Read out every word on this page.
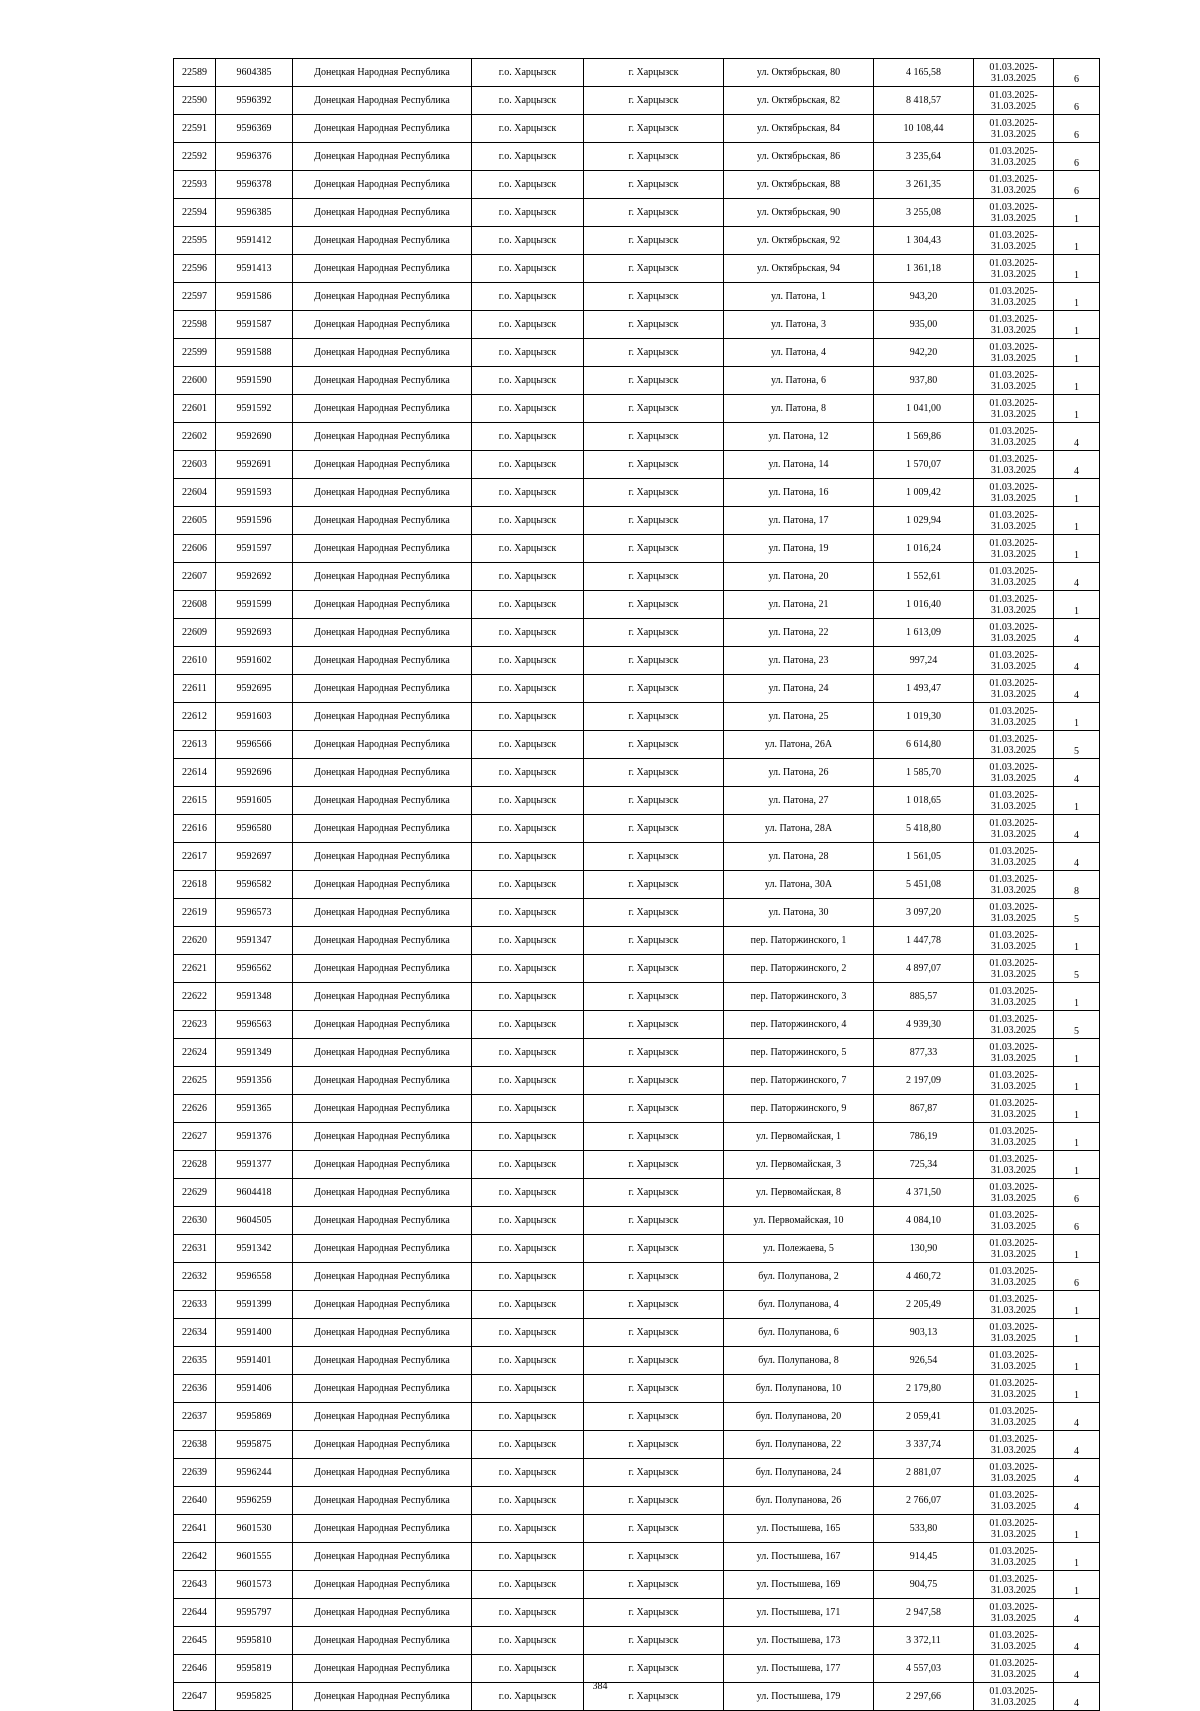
22589	9604385	Донецкая Народная Республика	г.о. Харцызск	г. Харцызск	ул. Октябрьская, 80	4 165,58	01.03.2025-
31.03.2025	6
22590	9596392	Донецкая Народная Республика	г.о. Харцызск	г. Харцызск	ул. Октябрьская, 82	8 418,57	01.03.2025-
31.03.2025	6
22591	9596369	Донецкая Народная Республика	г.о. Харцызск	г. Харцызск	ул. Октябрьская, 84	10 108,44	01.03.2025-
31.03.2025	6
22592	9596376	Донецкая Народная Республика	г.о. Харцызск	г. Харцызск	ул. Октябрьская, 86	3 235,64	01.03.2025-
31.03.2025	6
22593	9596378	Донецкая Народная Республика	г.о. Харцызск	г. Харцызск	ул. Октябрьская, 88	3 261,35	01.03.2025-
31.03.2025	6
22594	9596385	Донецкая Народная Республика	г.о. Харцызск	г. Харцызск	ул. Октябрьская, 90	3 255,08	01.03.2025-
31.03.2025	1
22595	9591412	Донецкая Народная Республика	г.о. Харцызск	г. Харцызск	ул. Октябрьская, 92	1 304,43	01.03.2025-
31.03.2025	1
22596	9591413	Донецкая Народная Республика	г.о. Харцызск	г. Харцызск	ул. Октябрьская, 94	1 361,18	01.03.2025-
31.03.2025	1
22597	9591586	Донецкая Народная Республика	г.о. Харцызск	г. Харцызск	ул. Патона, 1	943,20	01.03.2025-
31.03.2025	1
22598	9591587	Донецкая Народная Республика	г.о. Харцызск	г. Харцызск	ул. Патона, 3	935,00	01.03.2025-
31.03.2025	1
22599	9591588	Донецкая Народная Республика	г.о. Харцызск	г. Харцызск	ул. Патона, 4	942,20	01.03.2025-
31.03.2025	1
22600	9591590	Донецкая Народная Республика	г.о. Харцызск	г. Харцызск	ул. Патона, 6	937,80	01.03.2025-
31.03.2025	1
22601	9591592	Донецкая Народная Республика	г.о. Харцызск	г. Харцызск	ул. Патона, 8	1 041,00	01.03.2025-
31.03.2025	1
22602	9592690	Донецкая Народная Республика	г.о. Харцызск	г. Харцызск	ул. Патона, 12	1 569,86	01.03.2025-
31.03.2025	4
22603	9592691	Донецкая Народная Республика	г.о. Харцызск	г. Харцызск	ул. Патона, 14	1 570,07	01.03.2025-
31.03.2025	4
22604	9591593	Донецкая Народная Республика	г.о. Харцызск	г. Харцызск	ул. Патона, 16	1 009,42	01.03.2025-
31.03.2025	1
22605	9591596	Донецкая Народная Республика	г.о. Харцызск	г. Харцызск	ул. Патона, 17	1 029,94	01.03.2025-
31.03.2025	1
22606	9591597	Донецкая Народная Республика	г.о. Харцызск	г. Харцызск	ул. Патона, 19	1 016,24	01.03.2025-
31.03.2025	1
22607	9592692	Донецкая Народная Республика	г.о. Харцызск	г. Харцызск	ул. Патона, 20	1 552,61	01.03.2025-
31.03.2025	4
22608	9591599	Донецкая Народная Республика	г.о. Харцызск	г. Харцызск	ул. Патона, 21	1 016,40	01.03.2025-
31.03.2025	1
22609	9592693	Донецкая Народная Республика	г.о. Харцызск	г. Харцызск	ул. Патона, 22	1 613,09	01.03.2025-
31.03.2025	4
22610	9591602	Донецкая Народная Республика	г.о. Харцызск	г. Харцызск	ул. Патона, 23	997,24	01.03.2025-
31.03.2025	4
22611	9592695	Донецкая Народная Республика	г.о. Харцызск	г. Харцызск	ул. Патона, 24	1 493,47	01.03.2025-
31.03.2025	4
22612	9591603	Донецкая Народная Республика	г.о. Харцызск	г. Харцызск	ул. Патона, 25	1 019,30	01.03.2025-
31.03.2025	1
22613	9596566	Донецкая Народная Республика	г.о. Харцызск	г. Харцызск	ул. Патона, 26А	6 614,80	01.03.2025-
31.03.2025	5
22614	9592696	Донецкая Народная Республика	г.о. Харцызск	г. Харцызск	ул. Патона, 26	1 585,70	01.03.2025-
31.03.2025	4
22615	9591605	Донецкая Народная Республика	г.о. Харцызск	г. Харцызск	ул. Патона, 27	1 018,65	01.03.2025-
31.03.2025	1
22616	9596580	Донецкая Народная Республика	г.о. Харцызск	г. Харцызск	ул. Патона, 28А	5 418,80	01.03.2025-
31.03.2025	4
22617	9592697	Донецкая Народная Республика	г.о. Харцызск	г. Харцызск	ул. Патона, 28	1 561,05	01.03.2025-
31.03.2025	4
22618	9596582	Донецкая Народная Республика	г.о. Харцызск	г. Харцызск	ул. Патона, 30А	5 451,08	01.03.2025-
31.03.2025	8
22619	9596573	Донецкая Народная Республика	г.о. Харцызск	г. Харцызск	ул. Патона, 30	3 097,20	01.03.2025-
31.03.2025	5
22620	9591347	Донецкая Народная Республика	г.о. Харцызск	г. Харцызск	пер. Паторжинского, 1	1 447,78	01.03.2025-
31.03.2025	1
22621	9596562	Донецкая Народная Республика	г.о. Харцызск	г. Харцызск	пер. Паторжинского, 2	4 897,07	01.03.2025-
31.03.2025	5
22622	9591348	Донецкая Народная Республика	г.о. Харцызск	г. Харцызск	пер. Паторжинского, 3	885,57	01.03.2025-
31.03.2025	1
22623	9596563	Донецкая Народная Республика	г.о. Харцызск	г. Харцызск	пер. Паторжинского, 4	4 939,30	01.03.2025-
31.03.2025	5
22624	9591349	Донецкая Народная Республика	г.о. Харцызск	г. Харцызск	пер. Паторжинского, 5	877,33	01.03.2025-
31.03.2025	1
22625	9591356	Донецкая Народная Республика	г.о. Харцызск	г. Харцызск	пер. Паторжинского, 7	2 197,09	01.03.2025-
31.03.2025	1
22626	9591365	Донецкая Народная Республика	г.о. Харцызск	г. Харцызск	пер. Паторжинского, 9	867,87	01.03.2025-
31.03.2025	1
22627	9591376	Донецкая Народная Республика	г.о. Харцызск	г. Харцызск	ул. Первомайская, 1	786,19	01.03.2025-
31.03.2025	1
22628	9591377	Донецкая Народная Республика	г.о. Харцызск	г. Харцызск	ул. Первомайская, 3	725,34	01.03.2025-
31.03.2025	1
22629	9604418	Донецкая Народная Республика	г.о. Харцызск	г. Харцызск	ул. Первомайская, 8	4 371,50	01.03.2025-
31.03.2025	6
22630	9604505	Донецкая Народная Республика	г.о. Харцызск	г. Харцызск	ул. Первомайская, 10	4 084,10	01.03.2025-
31.03.2025	6
22631	9591342	Донецкая Народная Республика	г.о. Харцызск	г. Харцызск	ул. Полежаева, 5	130,90	01.03.2025-
31.03.2025	1
22632	9596558	Донецкая Народная Республика	г.о. Харцызск	г. Харцызск	бул. Полупанова, 2	4 460,72	01.03.2025-
31.03.2025	6
22633	9591399	Донецкая Народная Республика	г.о. Харцызск	г. Харцызск	бул. Полупанова, 4	2 205,49	01.03.2025-
31.03.2025	1
22634	9591400	Донецкая Народная Республика	г.о. Харцызск	г. Харцызск	бул. Полупанова, 6	903,13	01.03.2025-
31.03.2025	1
22635	9591401	Донецкая Народная Республика	г.о. Харцызск	г. Харцызск	бул. Полупанова, 8	926,54	01.03.2025-
31.03.2025	1
22636	9591406	Донецкая Народная Республика	г.о. Харцызск	г. Харцызск	бул. Полупанова, 10	2 179,80	01.03.2025-
31.03.2025	1
22637	9595869	Донецкая Народная Республика	г.о. Харцызск	г. Харцызск	бул. Полупанова, 20	2 059,41	01.03.2025-
31.03.2025	4
22638	9595875	Донецкая Народная Республика	г.о. Харцызск	г. Харцызск	бул. Полупанова, 22	3 337,74	01.03.2025-
31.03.2025	4
22639	9596244	Донецкая Народная Республика	г.о. Харцызск	г. Харцызск	бул. Полупанова, 24	2 881,07	01.03.2025-
31.03.2025	4
22640	9596259	Донецкая Народная Республика	г.о. Харцызск	г. Харцызск	бул. Полупанова, 26	2 766,07	01.03.2025-
31.03.2025	4
22641	9601530	Донецкая Народная Республика	г.о. Харцызск	г. Харцызск	ул. Постышева, 165	533,80	01.03.2025-
31.03.2025	1
22642	9601555	Донецкая Народная Республика	г.о. Харцызск	г. Харцызск	ул. Постышева, 167	914,45	01.03.2025-
31.03.2025	1
22643	9601573	Донецкая Народная Республика	г.о. Харцызск	г. Харцызск	ул. Постышева, 169	904,75	01.03.2025-
31.03.2025	1
22644	9595797	Донецкая Народная Республика	г.о. Харцызск	г. Харцызск	ул. Постышева, 171	2 947,58	01.03.2025-
31.03.2025	4
22645	9595810	Донецкая Народная Республика	г.о. Харцызск	г. Харцызск	ул. Постышева, 173	3 372,11	01.03.2025-
31.03.2025	4
22646	9595819	Донецкая Народная Республика	г.о. Харцызск	г. Харцызск	ул. Постышева, 177	4 557,03	01.03.2025-
31.03.2025	4
22647	9595825	Донецкая Народная Республика	г.о. Харцызск	г. Харцызск	ул. Постышева, 179	2 297,66	01.03.2025-
31.03.2025	4
384
